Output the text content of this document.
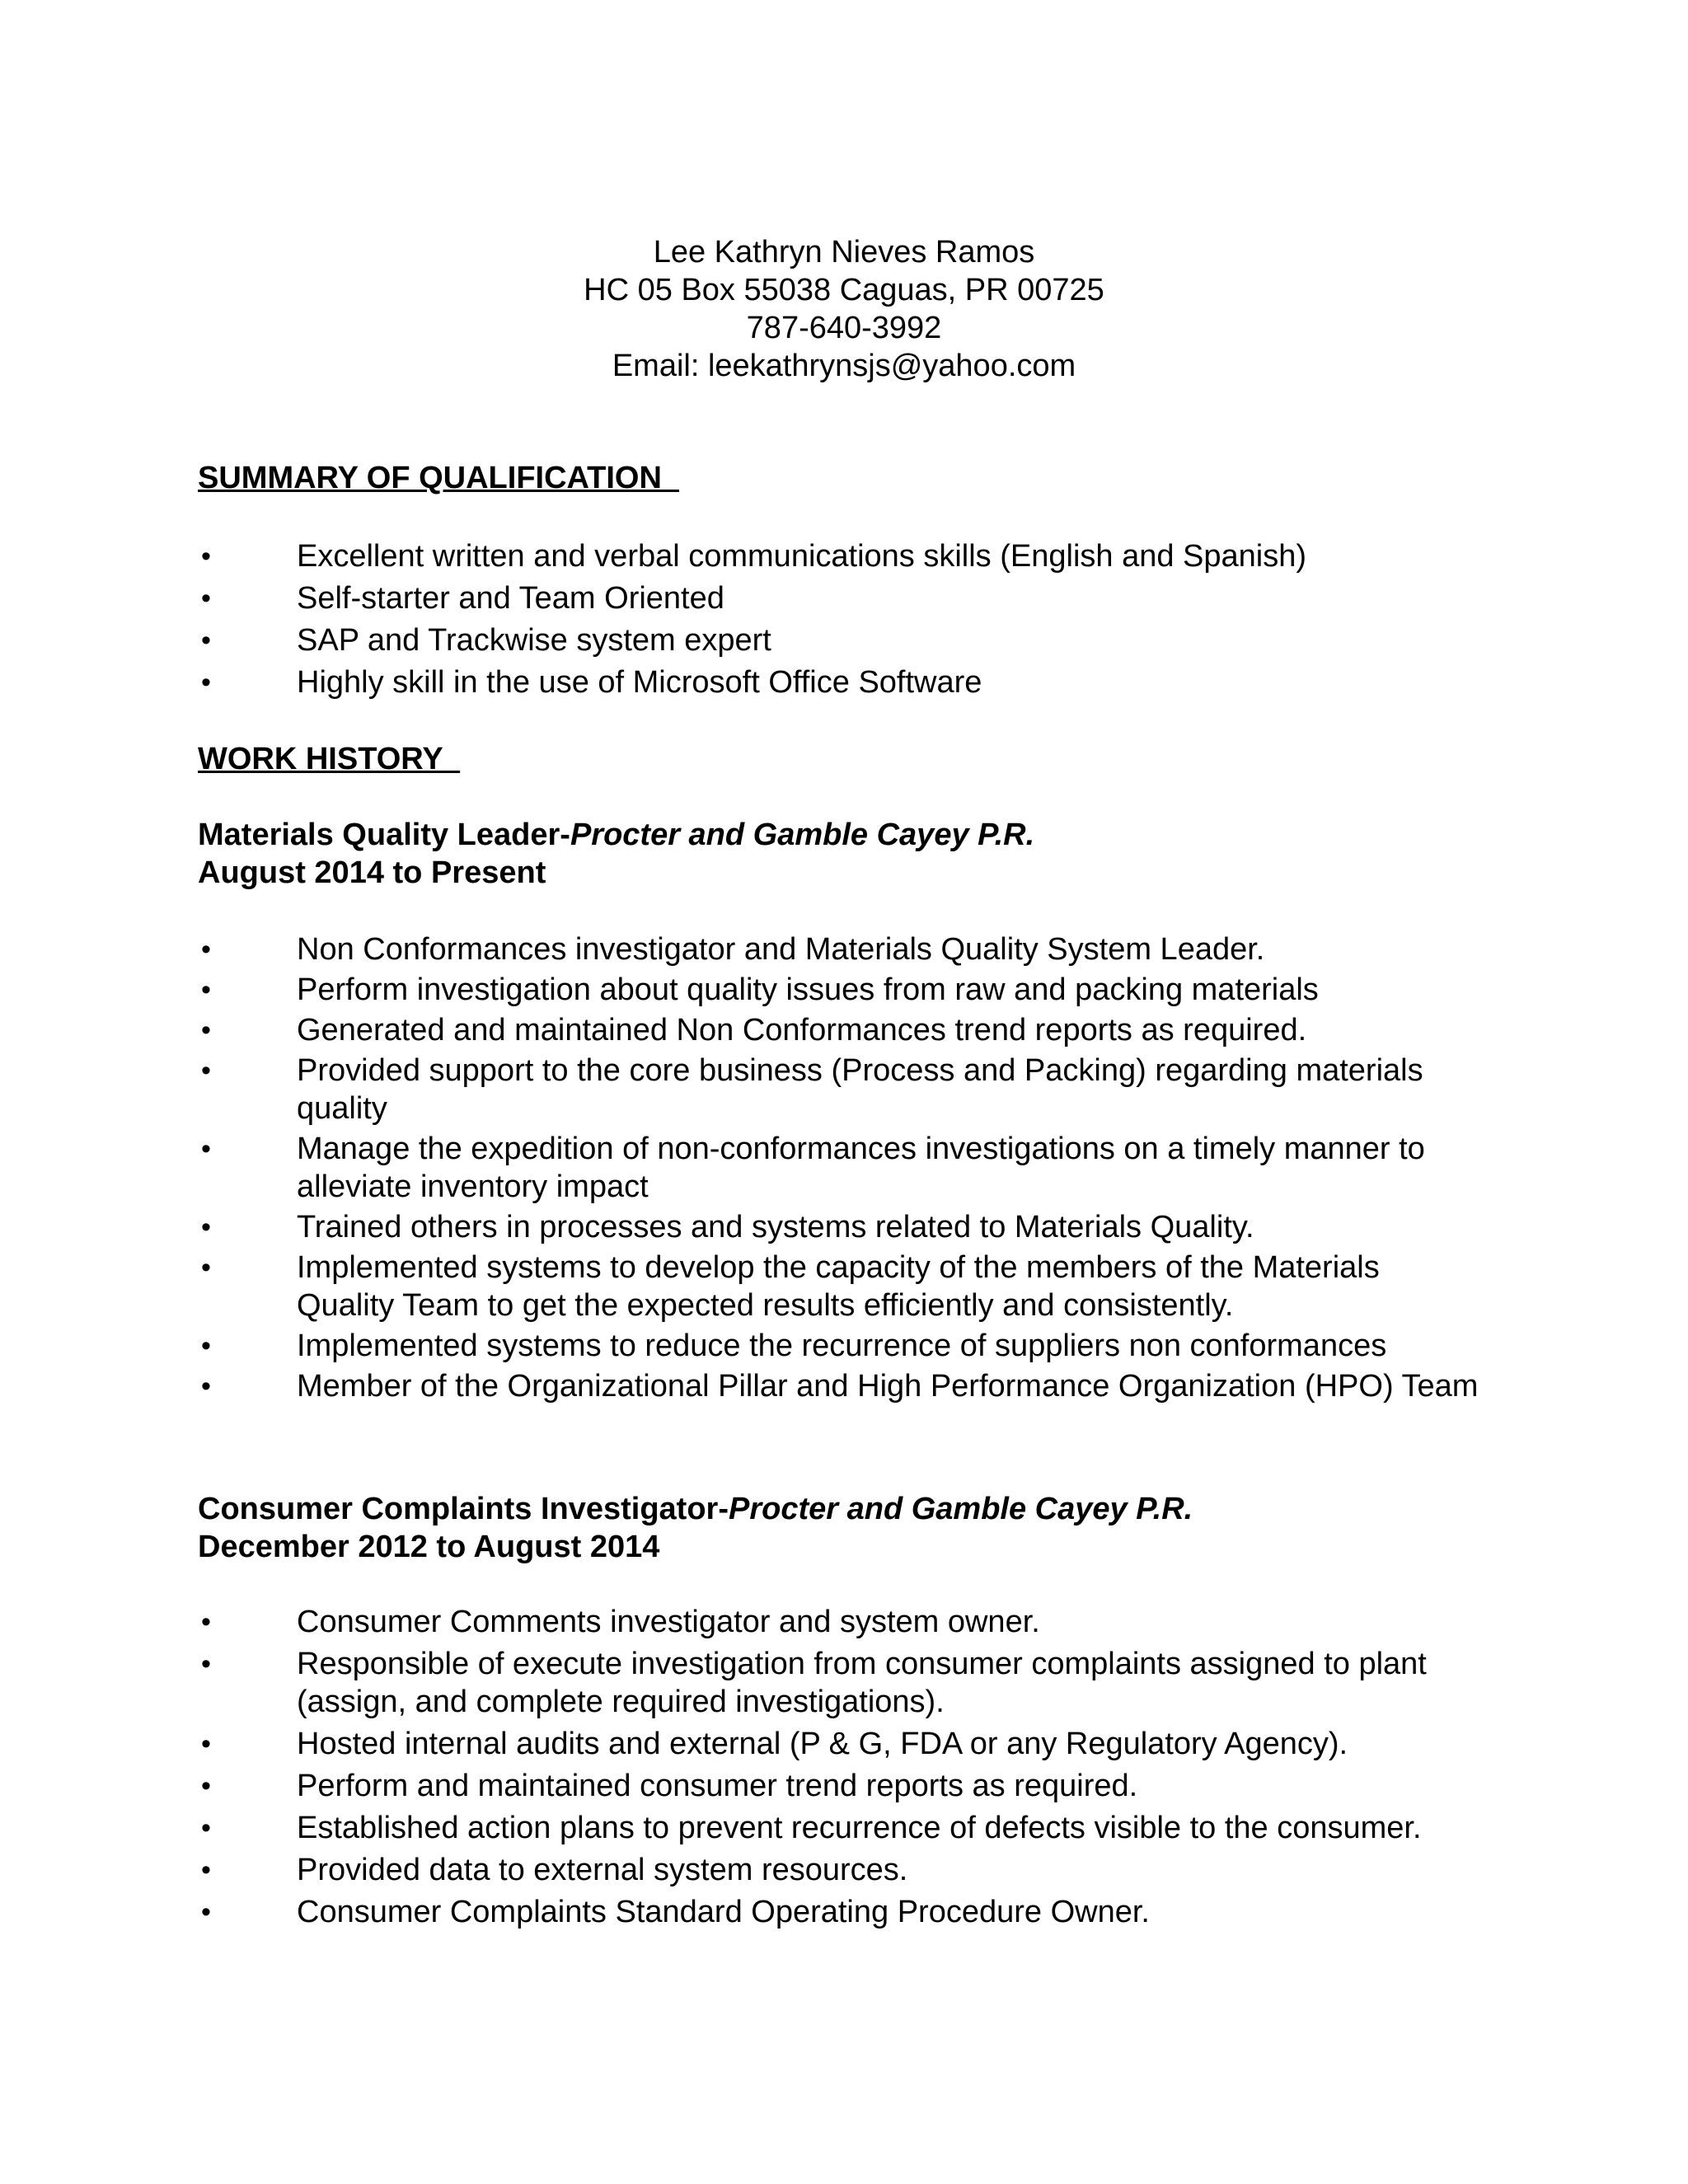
Lee Kathryn Nieves Ramos
HC 05 Box 55038 Caguas, PR 00725
787-640-3992
Email: leekathrynsjs@yahoo.com
SUMMARY OF QUALIFICATION
•	Excellent written and verbal communications skills (English and Spanish)
•	Self-starter and Team Oriented
•	SAP and Trackwise system expert
•	Highly skill in the use of Microsoft Office Software
WORK HISTORY
Materials Quality Leader-Procter and Gamble Cayey P.R.
August 2014 to Present
•	Non Conformances investigator and Materials Quality System Leader.
•	Perform investigation about quality issues from raw and packing materials
•	Generated and maintained Non Conformances trend reports as required.
•	Provided support to the core business (Process and Packing) regarding materials quality
•	Manage the expedition of non-conformances investigations on a timely manner to alleviate inventory impact
•	Trained others in processes and systems related to Materials Quality.
•	Implemented systems to develop the capacity of the members of the Materials Quality Team to get the expected results efficiently and consistently.
•	Implemented systems to reduce the recurrence of suppliers non conformances
•	Member of the Organizational Pillar and High Performance Organization (HPO) Team
Consumer Complaints Investigator-Procter and Gamble Cayey P.R.
December 2012 to August 2014
•	Consumer Comments investigator and system owner.
•	Responsible of execute investigation from consumer complaints assigned to plant (assign, and complete required investigations).
•	Hosted internal audits and external (P & G, FDA or any Regulatory Agency).
•	Perform and maintained consumer trend reports as required.
•	Established action plans to prevent recurrence of defects visible to the consumer.
•	Provided data to external system resources.
•	Consumer Complaints Standard Operating Procedure Owner.
